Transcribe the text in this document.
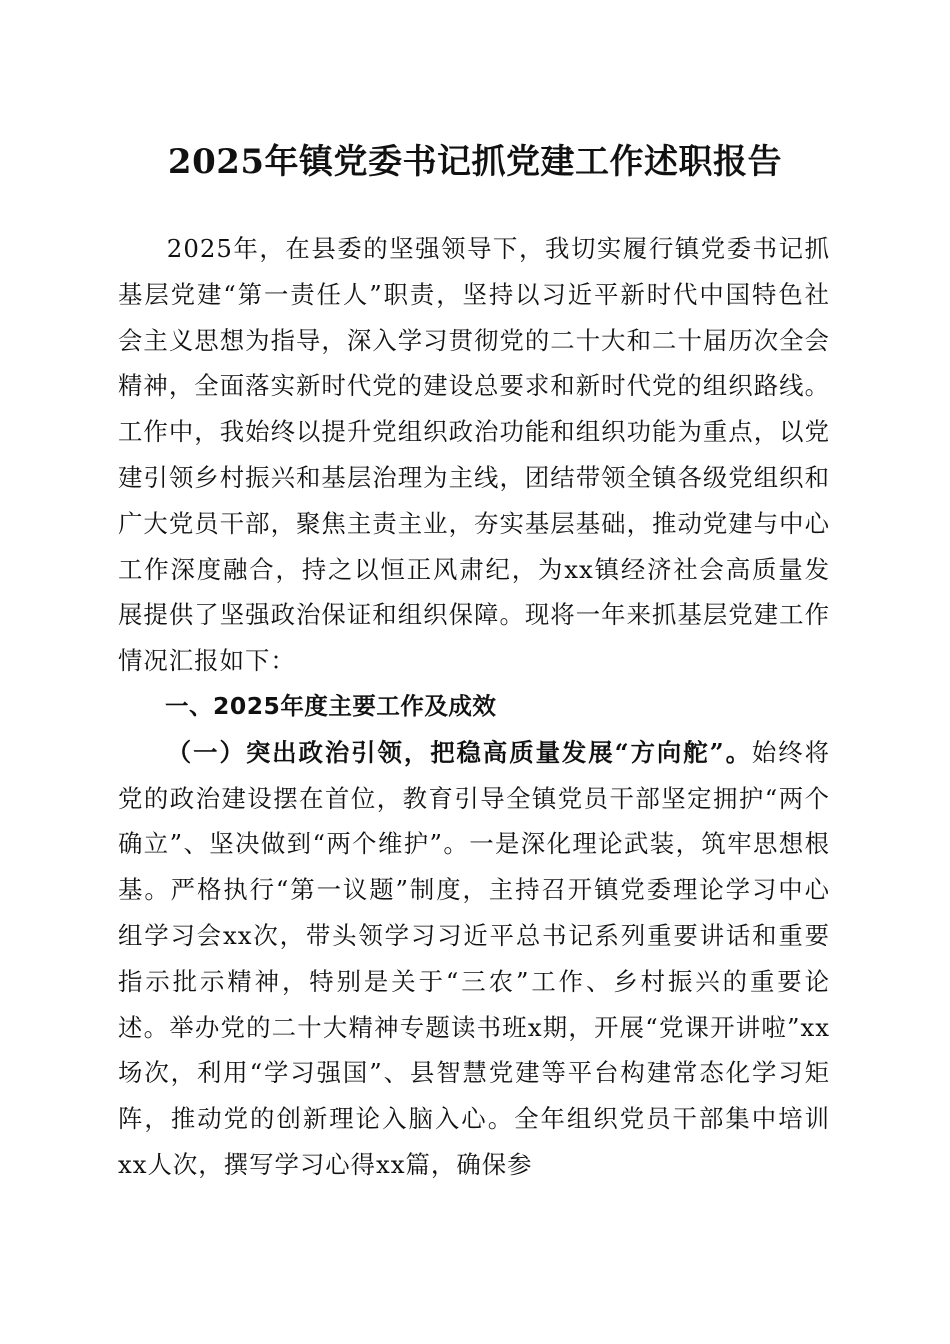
2025年镇党委书记抓党建工作述职报告

2025年，在县委的坚强领导下，我切实履行镇党委书记抓基层党建“第一责任人”职责，坚持以习近平新时代中国特色社会主义思想为指导，深入学习贯彻党的二十大和二十届历次全会精神，全面落实新时代党的建设总要求和新时代党的组织路线。工作中，我始终以提升党组织政治功能和组织功能为重点，以党建引领乡村振兴和基层治理为主线，团结带领全镇各级党组织和广大党员干部，聚焦主责主业，夯实基层基础，推动党建与中心工作深度融合，持之以恒正风肃纪，为xx镇经济社会高质量发展提供了坚强政治保证和组织保障。现将一年来抓基层党建工作情况汇报如下：

一、2025年度主要工作及成效

（一）突出政治引领，把稳高质量发展“方向舵”。始终将党的政治建设摆在首位，教育引导全镇党员干部坚定拥护“两个确立”、坚决做到“两个维护”。一是深化理论武装，筑牢思想根基。严格执行“第一议题”制度，主持召开镇党委理论学习中心组学习会xx次，带头领学习习近平总书记系列重要讲话和重要指示批示精神，特别是关于“三农”工作、乡村振兴的重要论述。举办党的二十大精神专题读书班x期，开展“党课开讲啦”xx场次，利用“学习强国”、县智慧党建等平台构建常态化学习矩阵，推动党的创新理论入脑入心。全年组织党员干部集中培训xx人次，撰写学习心得xx篇，确保参
